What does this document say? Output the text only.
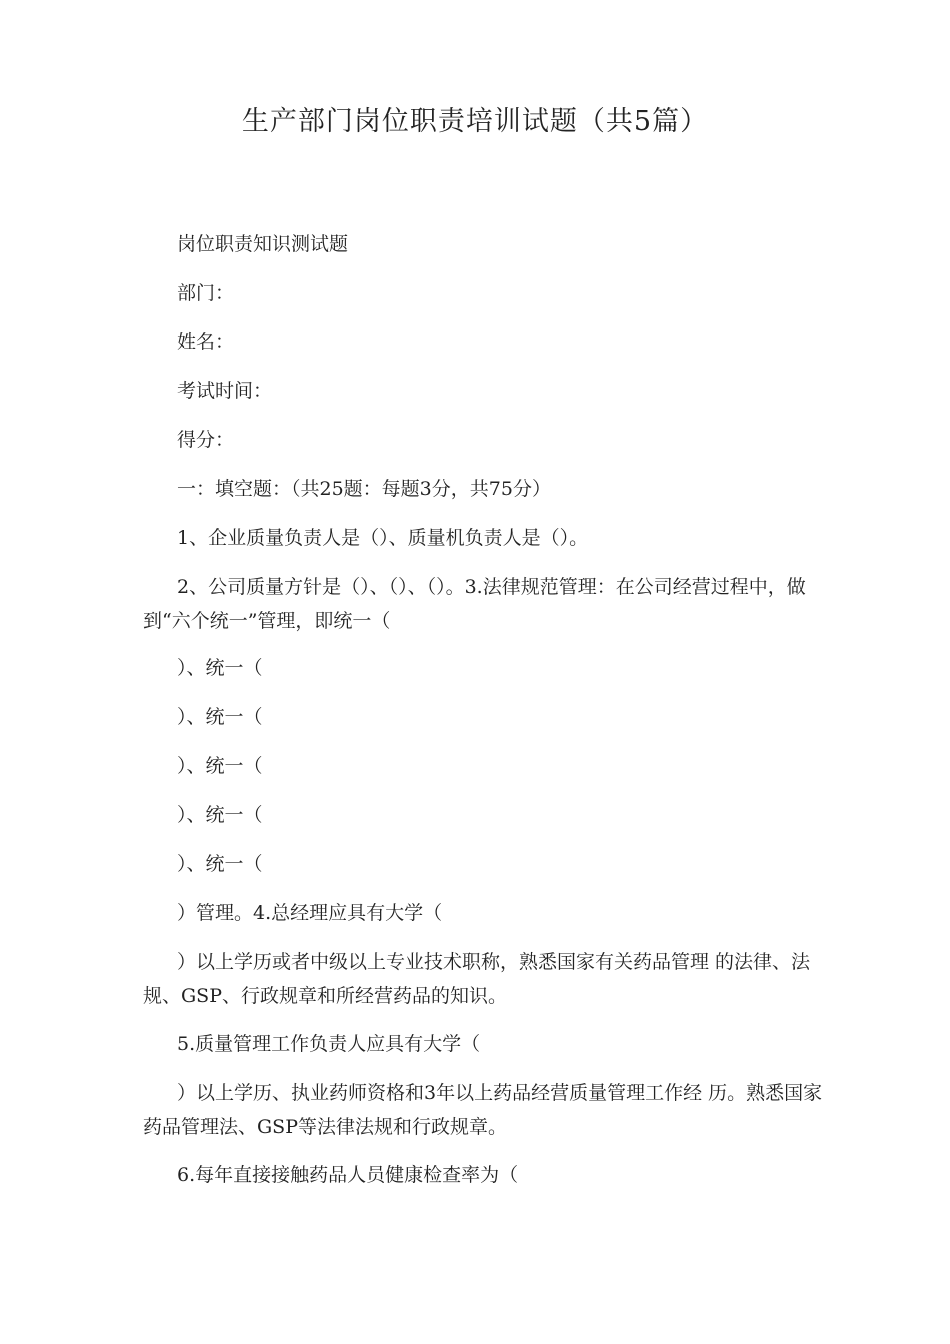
生产部门岗位职责培训试题（共5篇）

岗位职责知识测试题

部门：

姓名：

考试时间：

得分：

一：填空题：（共25题：每题3分，共75分）

1、企业质量负责人是（）、质量机负责人是（）。

2、公司质量方针是（）、（）、（）。3.法律规范管理：在公司经营过程中，做到“六个统一”管理，即统一（

）、统一（

）、统一（

）、统一（

）、统一（

）、统一（

）管理。4.总经理应具有大学（

）以上学历或者中级以上专业技术职称，熟悉国家有关药品管理 的法律、法规、GSP、行政规章和所经营药品的知识。

5.质量管理工作负责人应具有大学（

）以上学历、执业药师资格和3年以上药品经营质量管理工作经 历。熟悉国家药品管理法、GSP等法律法规和行政规章。

6.每年直接接触药品人员健康检查率为（
